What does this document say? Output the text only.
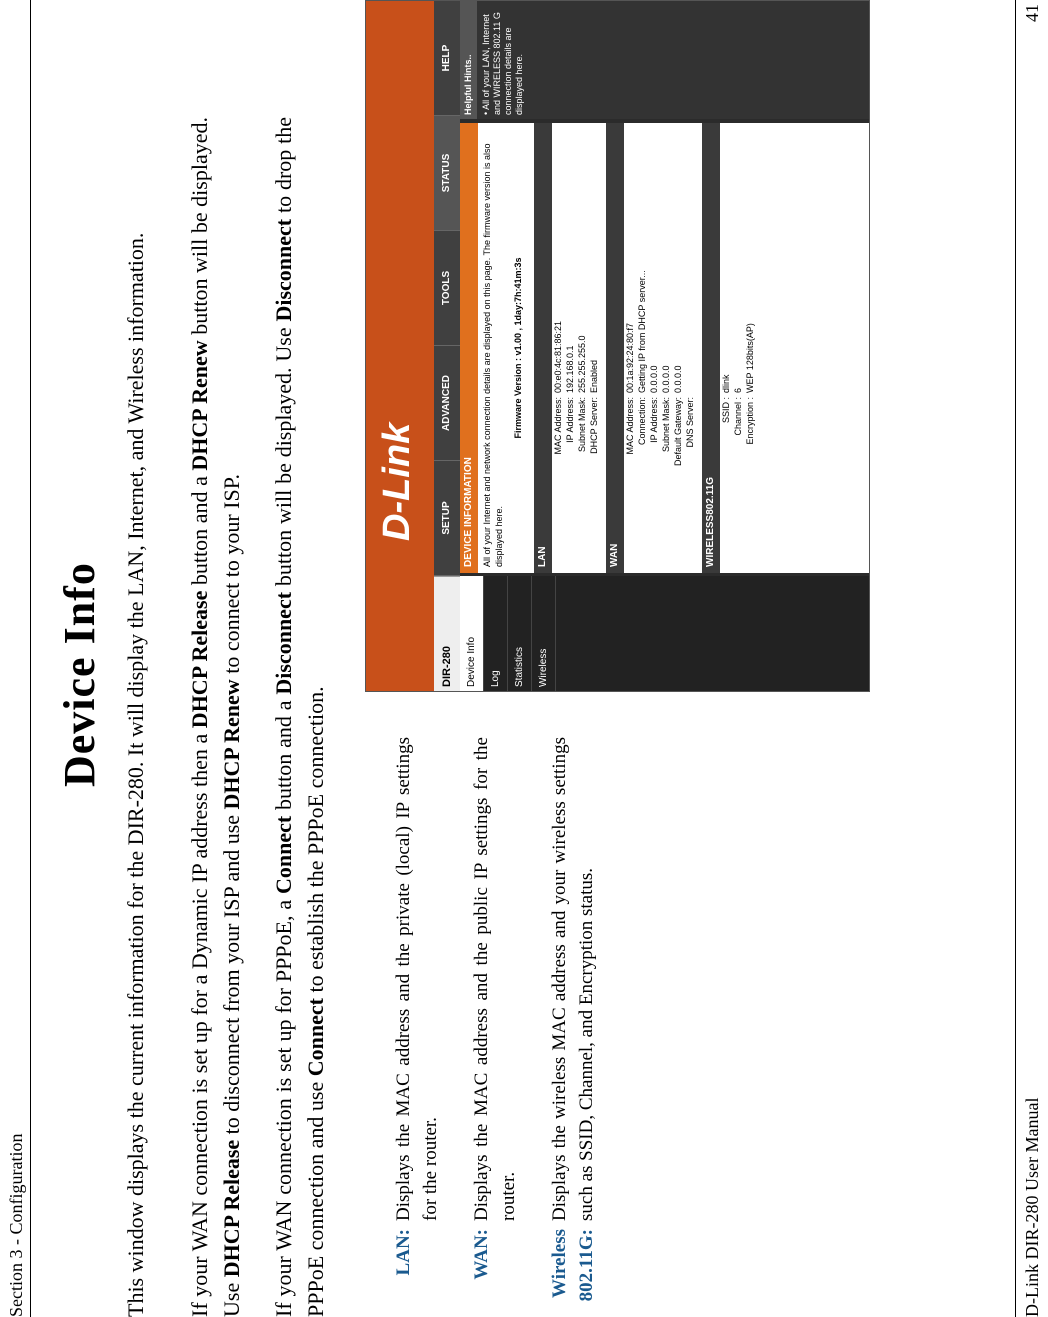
Section 3 - Configuration
Device Info This window displays the current information for the DIR-280. It will display the LAN, Internet, and Wireless information. If your WAN connection is set up for a Dynamic IP address then a DHCP Release button and a DHCP Renew button will be displayed. Use DHCP Release to disconnect from your ISP and use DHCP Renew to connect to your ISP.
If your WAN connection is set up for PPPoE, a Connect button and a Disconnect button will be displayed. Use Disconnect to drop the PPPoE connection and use Connect to establish the PPPoE connection.
LAN:
Displays the MAC address and the private (local) IP settings for the router.
WAN:
Displays the MAC address and the public IP settings for the router.
Wireless 802.11G:
Displays the wireless MAC address and your wireless settings such as SSID, Channel, and Encryption status.
D-Link
DIR-280
SETUP
ADVANCED
TOOLS
STATUS
HELP
Device Info	Log	Statistics	Wireless
DEVICE INFORMATION All of your Internet and network connection details are displayed on this page. The firmware version is also displayed here.
Firmware Version : v1.00 , 1day:7h:41m:3s
LAN
MAC Address:
00:e0:4c:81:86:21
IP Address:
192.168.0.1
Subnet Mask:
255.255.255.0
DHCP Server:
Enabled
WAN
MAC Address:
00:1a:92:24:80:f7
Connection:
Getting IP from DHCP server...
IP Address:
0.0.0.0
Subnet Mask:
0.0.0.0
Default Gateway:
0.0.0.0
DNS Server:
WIRELESS802.11G
SSID :
dlink
Channel :
6
Encryption :
WEP 128bits(AP)
Helpful Hints.. • All of your LAN, Internet and WIRELESS 802.11 G connection details are displayed here.
D-Link DIR-280 User Manual
41
